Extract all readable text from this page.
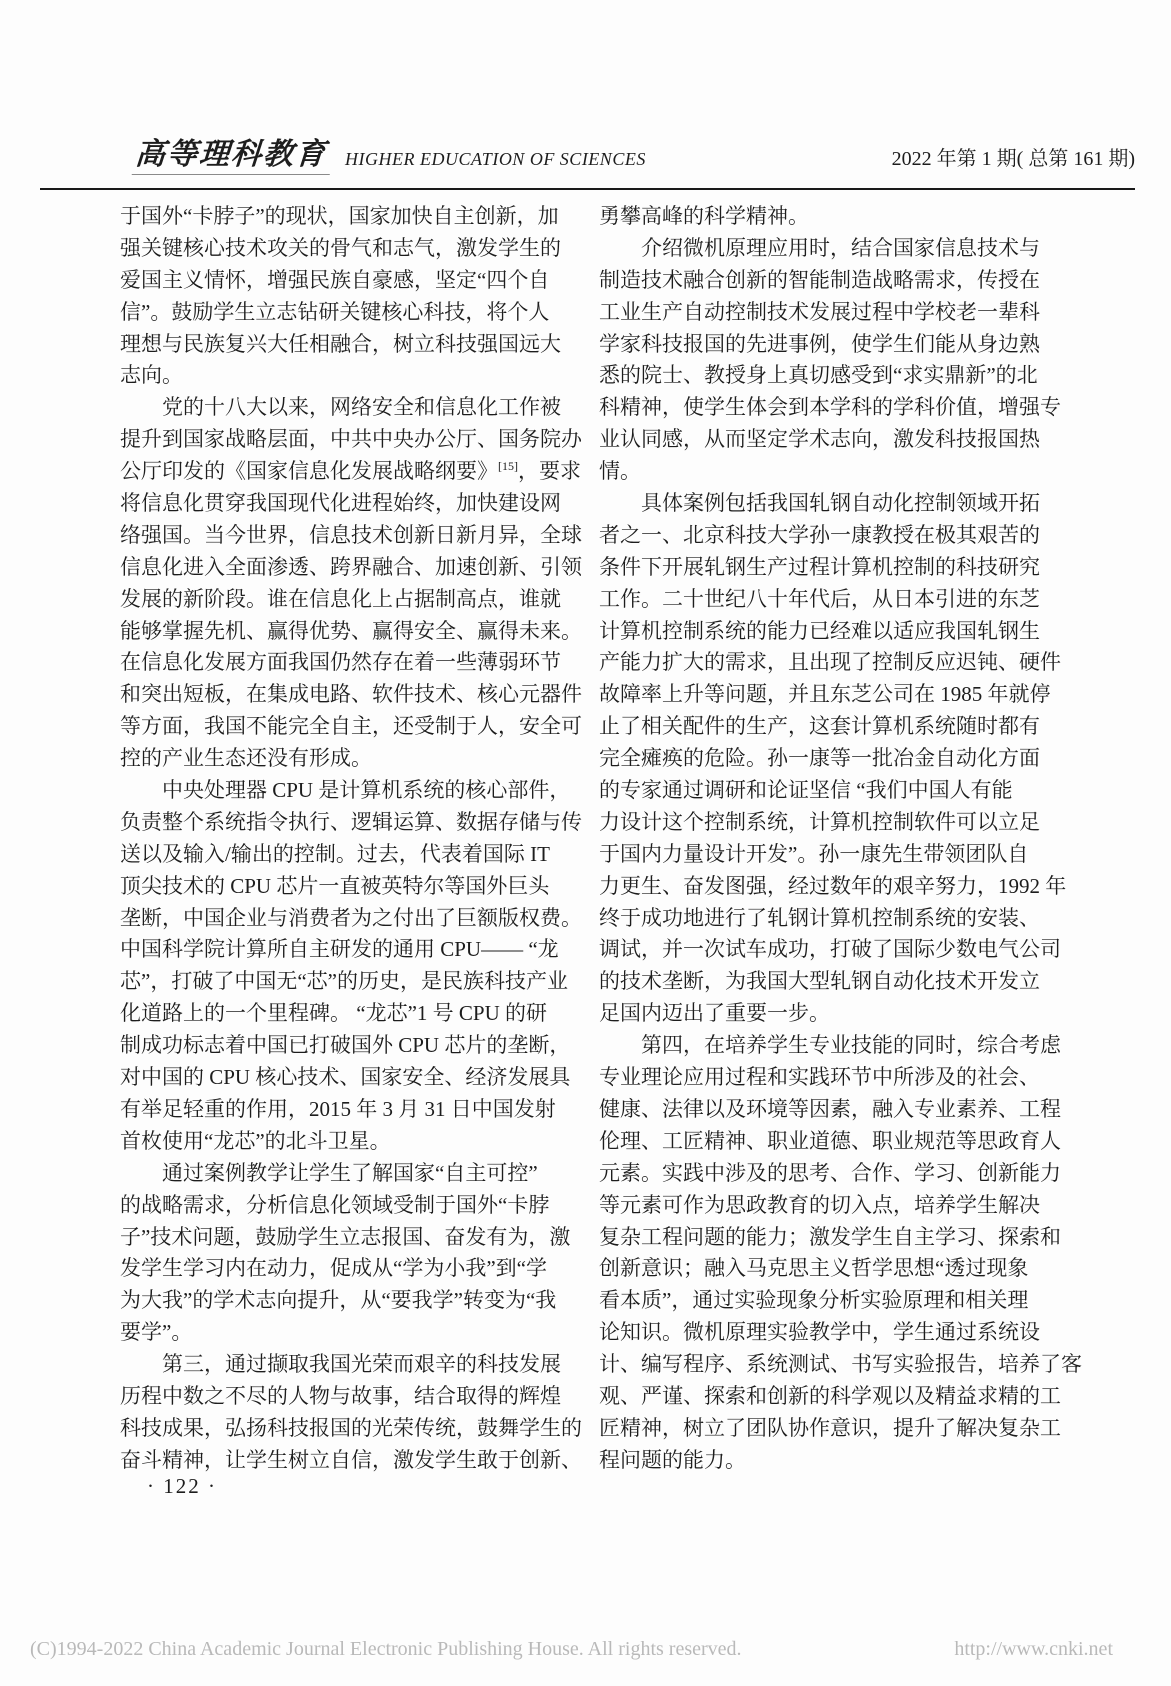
高等理科教育 HIGHER EDUCATION OF SCIENCES	2022 年第 1 期( 总第 161 期)
于国外“卡脖子”的现状，国家加快自主创新，加
强关键核心技术攻关的骨气和志气，激发学生的
爱国主义情怀，增强民族自豪感，坚定“四个自
信”。鼓励学生立志钻研关键核心科技，将个人
理想与民族复兴大任相融合，树立科技强国远大
志向。
　　党的十八大以来，网络安全和信息化工作被
提升到国家战略层面，中共中央办公厅、国务院办
公厅印发的《国家信息化发展战略纲要》[15]，要求
将信息化贯穿我国现代化进程始终，加快建设网
络强国。当今世界，信息技术创新日新月异，全球
信息化进入全面渗透、跨界融合、加速创新、引领
发展的新阶段。谁在信息化上占据制高点，谁就
能够掌握先机、赢得优势、赢得安全、赢得未来。
在信息化发展方面我国仍然存在着一些薄弱环节
和突出短板，在集成电路、软件技术、核心元器件
等方面，我国不能完全自主，还受制于人，安全可
控的产业生态还没有形成。
　　中央处理器 CPU 是计算机系统的核心部件，
负责整个系统指令执行、逻辑运算、数据存储与传
送以及输入/输出的控制。过去，代表着国际 IT
顶尖技术的 CPU 芯片一直被英特尔等国外巨头
垄断，中国企业与消费者为之付出了巨额版权费。
中国科学院计算所自主研发的通用 CPU—— “龙
芯”，打破了中国无“芯”的历史，是民族科技产业
化道路上的一个里程碑。 “龙芯”1 号 CPU 的研
制成功标志着中国已打破国外 CPU 芯片的垄断，
对中国的 CPU 核心技术、国家安全、经济发展具
有举足轻重的作用，2015 年 3 月 31 日中国发射
首枚使用“龙芯”的北斗卫星。
　　通过案例教学让学生了解国家“自主可控”
的战略需求，分析信息化领域受制于国外“卡脖
子”技术问题，鼓励学生立志报国、奋发有为，激
发学生学习内在动力，促成从“学为小我”到“学
为大我”的学术志向提升，从“要我学”转变为“我
要学”。
　　第三，通过撷取我国光荣而艰辛的科技发展
历程中数之不尽的人物与故事，结合取得的辉煌
科技成果，弘扬科技报国的光荣传统，鼓舞学生的
奋斗精神，让学生树立自信，激发学生敢于创新、
勇攀高峰的科学精神。
　　介绍微机原理应用时，结合国家信息技术与
制造技术融合创新的智能制造战略需求，传授在
工业生产自动控制技术发展过程中学校老一辈科
学家科技报国的先进事例，使学生们能从身边熟
悉的院士、教授身上真切感受到“求实鼎新”的北
科精神，使学生体会到本学科的学科价值，增强专
业认同感，从而坚定学术志向，激发科技报国热
情。
　　具体案例包括我国轧钢自动化控制领域开拓
者之一、北京科技大学孙一康教授在极其艰苦的
条件下开展轧钢生产过程计算机控制的科技研究
工作。二十世纪八十年代后，从日本引进的东芝
计算机控制系统的能力已经难以适应我国轧钢生
产能力扩大的需求，且出现了控制反应迟钝、硬件
故障率上升等问题，并且东芝公司在 1985 年就停
止了相关配件的生产，这套计算机系统随时都有
完全瘫痪的危险。孙一康等一批冶金自动化方面
的专家通过调研和论证坚信 “我们中国人有能
力设计这个控制系统，计算机控制软件可以立足
于国内力量设计开发”。孙一康先生带领团队自
力更生、奋发图强，经过数年的艰辛努力，1992 年
终于成功地进行了轧钢计算机控制系统的安装、
调试，并一次试车成功，打破了国际少数电气公司
的技术垄断，为我国大型轧钢自动化技术开发立
足国内迈出了重要一步。
　　第四，在培养学生专业技能的同时，综合考虑
专业理论应用过程和实践环节中所涉及的社会、
健康、法律以及环境等因素，融入专业素养、工程
伦理、工匠精神、职业道德、职业规范等思政育人
元素。实践中涉及的思考、合作、学习、创新能力
等元素可作为思政教育的切入点，培养学生解决
复杂工程问题的能力；激发学生自主学习、探索和
创新意识；融入马克思主义哲学思想“透过现象
看本质”，通过实验现象分析实验原理和相关理
论知识。微机原理实验教学中，学生通过系统设
计、编写程序、系统测试、书写实验报告，培养了客
观、严谨、探索和创新的科学观以及精益求精的工
匠精神，树立了团队协作意识，提升了解决复杂工
程问题的能力。
· 122 ·
(C)1994-2022 China Academic Journal Electronic Publishing House. All rights reserved.	http://www.cnki.net
